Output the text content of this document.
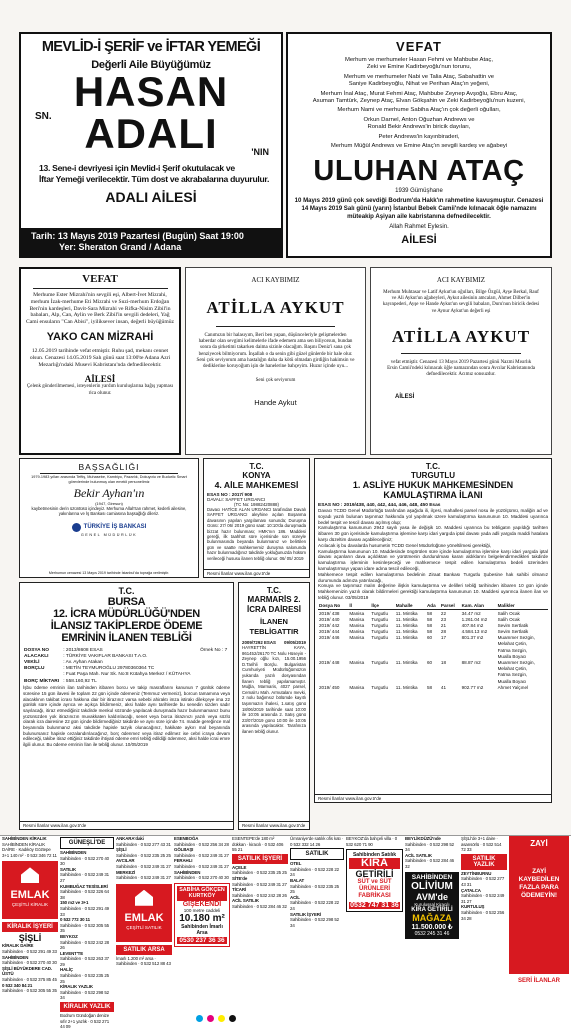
MEVLİD-İ ŞERİF ve İFTAR YEMEĞİ
Değerli Aile Büyüğümüz
SN.
HASAN
ADALI	'NIN
13. Sene-i devriyesi için Mevlid-i Şerif okutulacak ve
İftar Yemeği verilecektir. Tüm dost ve akrabalarına duyurulur.
ADALI AİLESİ
Tarih: 13 Mayıs 2019 Pazartesi (Bugün) Saat 19:00
Yer: Sheraton Grand / Adana
VEFAT
Merhum ve merhumeler Hasan Fehmi ve Mahbube Ataç,
Zeki ve Emine Kadirbeyoğlu'nun torunu,
Merhum ve merhumeler Nabi ve Talia Ataç, Sabahattin ve
Saniye Kadirbeyoğlu, Nihat ve Perihan Ataç'ın yeğeni,
Merhum İnal Ataç, Murat Fehmi Ataç, Mahbube Zeynep Avşoğlu, Ebru Ataç,
Asuman Tamtürk, Zeynep Ataç, Elvan Gökşahin ve Zeki Kadirbeyoğlu'nun kuzeni,
Merhum Nami ve merhume Sabiha Ataç'ın çok değerli oğulları,
Orkun Darnel, Anton Oğuzhan Andrews ve
Ronald Bekir Andrews'in biricik dayıları,
Peter Andrews'in kayınbiraderi,
Merhum Müğül Andrews ve Emine Ataç'ın sevgili kardeş ve ağabeyi
ULUHAN ATAÇ
1939 Gümüşhane
10 Mayıs 2019 günü çok sevdiği Bodrum'da Hakk'ın rahmetine kavuşmuştur. Cenazesi 14 Mayıs 2019 Salı günü (yarın) İstanbul Bebek Camii'nde kılınacak öğle namazını müteakip Aşiyan aile kabristanına defnedilecektir.
Allah Rahmet Eylesin.
AİLESİ
VEFAT
Merhume Ester Mizrahi'nin sevgili eşi, Albert-İvet Mizrahi, merhum İzak-merhume Eti Mizrahi ve Suzi-merhum Erdoğan Beri'nin kardeşleri, Davit-Sara Mizrahi ve Rifka-Nisim Zibil'in babaları, Alp, Can, Aylin ve Berk Zibil'in sevgili dedeleri, Yağ Cami ensuların "Can Abisi", iyiliksever insan, değerli büyüğümüz
YAKO CAN MİZRAHİ
12.05.2019 tarihinde vefat etmiştir. Ruhu şad, mekanı cennet olsun. Cenazesi 14.05.2019 Salı günü saat 13:00'te Adana Azri Mezarlığı'ndaki Musevi Kabristanı'nda defnedilecektir.
AİLESİ
Çelenk gönderilmemesi, isteyenlerin yardım kuruluşlarına bağış yapması rica olunur.
ACI KAYBIMIZ
ATİLLA AYKUT
Canımızın bir halasıyım, Beri ben yapan, düşünceleriyle gelişmelerden haberdar olan sevgimi kelimelerle ifade edemem ama sen biliyorsun, bundan sonra da şirketimi takarken daima sizinle olacağım. Başını Deniz'i sana çok benziyecek bilmiyorum. İnşallah o da senin gibi güzel günlerde bir hale olur. Seni çok seviyorum ama hastalığın daha da kötü olmadan girdiğin hakimsin ve dediklerine koruyoğum işin de hanelerine bahçeyim. Huzur içinde uyu...
Seni çok seviyorum
Hande Aykut
ACI KAYBIMIZ
Merhum Muhtasar ve Latif Aykut'un oğulları, Bilge Özgül, Ayşe Berkal, Rauf ve Ali Aykut'un ağabeyleri, Aykut ailesinin amcaları, Ahmet Dilber'in kayınpederi, Ayşe ve Hande Aykut'un sevgili babaları, Duru'nun biricik dedesi ve Aynur Aykut'un değerli eşi
ATİLLA AYKUT
vefat etmiştir. Cenazesi 13 Mayıs 2019 Pazartesi günü Nazmi Mısırlık Ersin Camii'ndeki kılınacak öğle namazından sonra Avcılar Kabristanında defnedilecektir. Acımız sonsuzdur.
AİLESİ
BAŞSAĞLIĞI
1979-1983 yılları arasında Teftiş, Muhasebe, Kambiyo, Pazarlık, Dokuyotu ve Buduriic Smart görevlerinde bulunmuş olan emekli personelimiz
Bekir Ayhan'ın
(1947, Giresun)
kaybetmesinin derin üzüntüsü içindeyiz. Merhuma Allah'tan rahmet, kederli ailesine, yakınlarına ve İş Bankası camiasına başsağlığı dileriz.
TÜRKİYE İŞ BANKASI
GENEL MÜDÜRLÜK
Merhumun cenazesi 13 Mayıs 2019 tarihinde İstanbul'da toprağa verilmiştir.
T.C.
KONYA
4. AİLE MAHKEMESİ
ESAS NO : 2017/ 908
DAVALI: SAFFET URGANCI
(TC No: 19882420888)
Davacı HATİCE ALAN URGANCI tarafından Davalı SAFFET URGANCI aleyhine açılan Boşanma davasının yapılan yargılaması sonunda; Duruşma Günü: 27/ 06/ 2019 günü saat: 10:10'da duruşmada bizzat hazır bulunması; HMK'nın 186. Maddesi gereği, ilk taahhüt süre içerisinde son süreyle bulunmasında beyanda bulunmanız ve belirtilen gün ve saatte mahkememiz duruşma salonunda hazır bulunmadığınız takdirde yokluğunuzda hüküm verileceği hususu ilanen tebliğ olunur. 06/ 05/ 2019
Resmi İlanlar www.ilan.gov.tr'de
T.C.
TURGUTLU
1. ASLİYE HUKUK MAHKEMESİNDEN
KAMULAŞTIRMA İLANI
ESAS NO : 2019/438, 440, 442, 444, 446, 448, 450 Esas
Davacı TCDD Genel Müdürlüğü tarafından aşağıda ili, ilçesi, mahallesi parsel nosu ile yüzölçümü, maliğin ad ve soyadı yazılı bulunan taşınmaz hakkında yol yapılmak üzere kamulaştırma kanununun 10. Maddesi uyarınca bedel tespit ve tescil davası açılmış olup;
Kamulaştırma kanununun 2942 sayılı yasa ile değişik 10. Maddesi uyarınca bu tebligatın yapıldığı tarihten itibaren 30 gün içerisinde kamulaştırma işlemine karşı idari yargıda iptal davası yada adli yargıda maddi hatalara karşı düzeltim davası açabileceğiniz;
Acılacak iş bu davalarda husumetin TCDD Genel Müdürlüğüne yöneltilmesi gerektiği,
Kamulaştırma kanununun 10. Maddesinde öngörülen süre içinde kamulaştırma işlemine karşı idari yargıda iptal davası açanların dava açıldıktan ve yürütmenin durdurulması kararı aldıklarını belgelendirmedikleri takdirde kamulaştırma işleminin kesinleşeceği ve mahkemece tespit edilen kamulaştırma bedeli üzerinden kamulaştırmayı yapan idare adına tescil edileceği,
Mahkemece tespit edilen kamulaştırma bedelinin Ziraat Bankası Turgutlu Şubesine hak sahibi olmanız durumunda adınıza yatırılacağı,
Konuya ve taşınmaz malın değerine ilişkin kamulaştırma ve delilleri tebliğ tarihinden itibaren 10 gün içinde Mahkemenizin yazılı olarak bildirmeleri gerektiği kamulaştırma kanununun 10. Maddesi uyarınca ilanen ilan ve tebliğ olunur. 03/05/2019
Dosya No	İl	İlçe	Mahalle	Ada	Parsel	Kam. Alan	Malikler
2019/ 438	Manisa	Turgutlu	11. Mintika	58	22	34.47 m2	Salih Ocak
2019/ 440	Manisa	Turgutlu	11. Mintika	58	23	1.261.04 m2	Salih Ocak
2019/ 442	Manisa	Turgutlu	11. Mintika	58	21	407.84 m2	Sevim Sertlatik
2019/ 444	Manisa	Turgutlu	11. Mintika	58	28	4.584.13 m2	Sevim Sertlatik
2019/ 446	Manisa	Turgutlu	11. Mintika	60	17	801.37 m2	Muammer Sezgin,
							Melahat Çetin,
							Fatma Sezgin,
							Mualla Boyacı
2019/ 448	Manisa	Turgutlu	11. Mintika	60	18	88.87 m2	Muammer Sezgin,
							Melahat Çetin,
							Fatma Sezgin,
							Mualla Boyacı
2019/ 450	Manisa	Turgutlu	11. Mintika	58	41	902.77 m2	Ahmet Yalçınel
Resmi İlanlar www.ilan.gov.tr'de
T.C.
BURSA
12. İCRA MÜDÜRLÜĞÜ'NDEN
İLANSIZ TAKİPLERDE ÖDEME EMRİNİN İLANEN TEBLİĞİ
DOSYA NO	: 2013/8608 ESAS	Örnek No : 7
ALACAKLI	: TÜRKİYE VAKIFLAR BANKASI T.A.O.	
VEKİLİ	: Av. Ayhan Atakan	
BORÇLU	: METİN TEYMUROĞLU 29780360364 TC	
	: Fuat Paşa Mah. Nur Sk. No:8 Kütahya Merkez / KÜTAHYA	
BORÇ MİKTARI	: 558.160,92 TL	
İşbu ödeme emrinin ilan tarihinden itibaren borcu ve takip masraflarını kanunun 7 günlük ödeme süresine 15 gün ilavesi ile toplam 22 gün içinde ödemeniz (Temmuz vermeniz), borcun tamamına veya alacaklının takibat icrası hakkına dair bir itirazınız varsa sebebi ahiraktı imza istirakı dilekçeye ima 22 günlük süre içinde ayrıca ve açıkça bildirmeniz, aksi halde aynı tarihlerde bu senedin sizden sadır sayılacağı, itiraz etmediğiniz takdirde menkul sözünde yapılacak duruşmada hazır bulunmamanız bunu yüzünüzden yok itirazınızın muvakkaten kaldırılacağı, senet veya borca itirazınızı yazılı veya sözlü olarak icra dairesine 22 gün içinde bildirmediğiniz takdirde ve aynı süre içinde 74. madde gereğince mal beyanında bulunmanız aksi takdirde hapisle tazyik olunacağınız, hakikate aykırı mal beyanında bulunursanız hapisle cezalandırılacağınız, borç ödenmez veya itiraz edilmez ise cebri icraya devam edileceği, takibe itiraz ettiğiniz takdirde ihtiyati ödeme emri tebliğ edildiği ödenmez, aksi halde icrai emre ilgili olunur. Bu ödeme emrinin İlan ile tebliğ olunur. 10/05/2019
Resmi İlanlar www.ilan.gov.tr'de
T.C.
MARMARİS 2. İCRA DAİRESİ
İLANEN TEBLİGATTIR
2009/7292 ESAS 09/05/2019
HAYRETTİN KAYA, 861452/26170 TC Nolu Hüseyin - Zeynep oğlu kızı, 15.00.1956 D.Tarihli Borçlu. Bulgaristan Cumhuriyeti Müdürlüğümüzün yukarıda yazılı dosyasından İlanen tebliğ yapılamamıştır. Muğla, Marmaris, 4027 parsel, Cemalı'u Mah. Armutalanı mevki, 2 nolu bağımsız bölümde kayıtlı taşınmazın ihalesi, 1.satış günü 18/06/2019 tarihinde saat 10:00 ile 10:05 arasında 2. Satış günü 23/07/2019 günü 10:00 ile 10:05 arasında yapılacaktır. Tarafınıza ilanen tebliğ olunur.
Resmi İlanlar www.ilan.gov.tr'de
SAHİBİNDEN KİRALIK
SAHİBİNDEN KİRALIK DAİRE · Kadıköy Göztepe 3+1 140 m² · 0 532 346 72 11
EMLAK
ÇEŞİTLİ KİRALIK
KİRALIK İŞYERİ
ŞİŞLİ
KİRALIK DAİRE
Sahibinden · 0 532 291 49 33
SAHİBİNDEN
Sahibinden · 0 532 270 40 30
ŞİŞLİ BÜYÜKDERE CAD. ÜSTÜ
Sahibinden · 0 532 375 85 45
0 532 340 84 21
Sahibinden · 0 532 305 55 35
GÜNEŞLİ'DE
SAHİBİNDEN
Sahibinden · 0 532 270 40 30
SATILIK
Sahibinden · 0 532 249 31 27
KUMBUĞAZ TESİSLERİ
Sahibinden · 0 532 326 64 38
150 m2 ve 3+1
Sahibinden · 0 532 291 49 33
0 532 772 30 11
Sahibinden · 0 532 305 55 35
BEYKOZ
Sahibinden · 0 532 242 28 26
LEVENT'TE
Sahibinden · 0 532 263 37 29
HALİÇ
Sahibinden · 0 532 235 25 25
KİRALIK YAZLIK
Sahibinden · 0 532 298 52 34
KİRALIK YAZLIK
Bodrum Gündoğan denize sıfır 2+1 yazlık · 0 532 271 44 09
ANKARA'daki
Sahibinden · 0 532 277 43 31
ŞİŞLİ
Sahibinden · 0 532 235 25 25
AVCILAR
Sahibinden · 0 532 249 31 27
MERKEZİ
Sahibinden · 0 532 249 31 27
EMLAK
ÇEŞİTLİ SATILIK
SATILIK ARSA
İmarlı 1.200 m² arsa · Sahibinden · 0 532 512 88 43
ESENBOĞA
Sahibinden · 0 532 256 34 28
GÖLBAŞI
Sahibinden · 0 532 249 31 27
FERAHLI
Sahibinden · 0 532 249 31 27
SAHİBİNDEN
Sahibinden · 0 532 270 40 30
SABİHA GÖKÇEN KURTKÖY
GİŞEKENDİ
100 metre caddeli
10.180 m²
Sahibinden İmarlı Arsa
0530 237 36 36
ESENTEPE'de 180 m² dükkan · kiracılı · 0 532 406 55 21
SATILIK İŞYERİ
AÇELE
Sahibinden · 0 532 235 25 25
SİTE'de
Sahibinden · 0 532 249 31 27
TİCARİ
Sahibinden · 0 532 242 28 26
ACİL SATILIK
Sahibinden · 0 532 284 46 32
Ümraniye'de satılık ofis katı · 0 532 332 14 26
SATILIK
OTEL
Sahibinden · 0 532 228 22 24
BALAT
Sahibinden · 0 532 235 25 25
ACİL
Sahibinden · 0 532 228 22 24
SATILIK İŞYERİ
Sahibinden · 0 532 298 52 34
BEYKOZ'da bahçeli villa · 0 532 620 71 90
Sahibinden Satılık
KİRA
GETİRİLİ
SÜT ve SÜT ÜRÜNLERİ FABRİKASI
0532 747 31 36
BEYLİKDÜZÜ'nde
Sahibinden · 0 532 298 52 34
ACİL SATILIK
Sahibinden · 0 532 284 46 32
SAHİBİNDEN
OLİVİUM
AVM'de
Kuruluşsal Kiracılı
KİRA GETİRİLİ
MAĞAZA
11.500.000 ₺
0532 245 31 46
ŞİŞLİ'de 3+1 daire · asansörlü · 0 532 514 72 33
SATILIK YAZLIK
ZEYTİNBURNU
Sahibinden · 0 532 277 43 31
ÇATALCA
Sahibinden · 0 532 249 31 27
KURTULUŞ
Sahibinden · 0 532 256 34 28
ZAYİ
ZAYİ
KAYBEDİLEN
FAZLA PARA
ÖDEMEYİN!
SERİ İLANLAR
